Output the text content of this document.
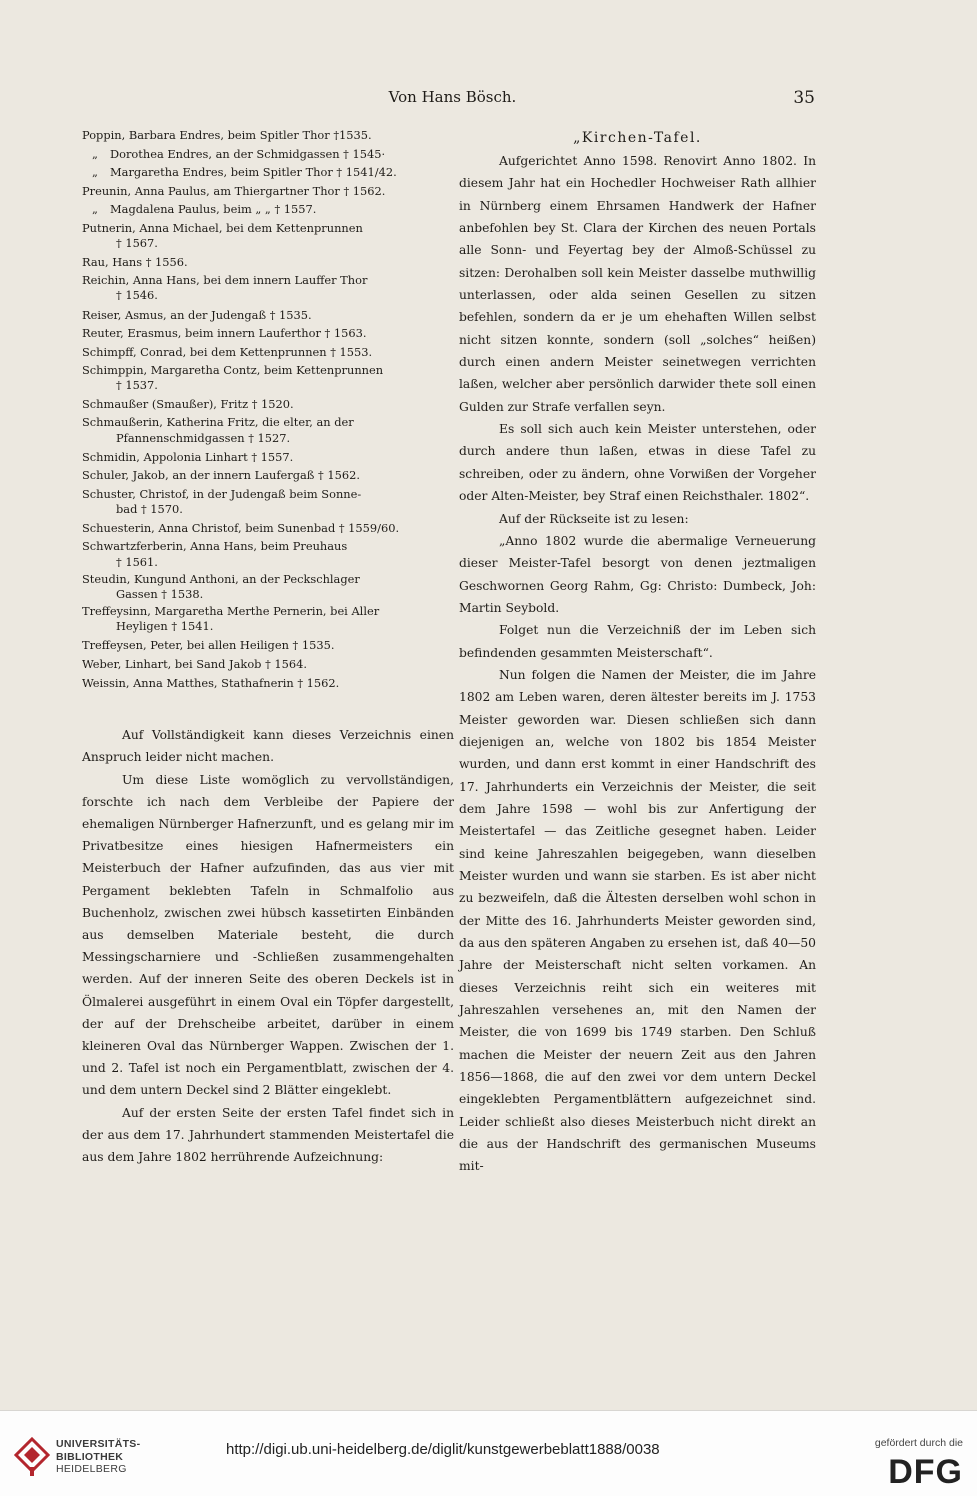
Von Hans Bösch.	35

Poppin, Barbara Endres, beim Spitler Thor †1535.

„ Dorothea Endres, an der Schmidgassen † 1545·

„ Margaretha Endres, beim Spitler Thor † 1541/42.

Preunin, Anna Paulus, am Thiergartner Thor † 1562.

„ Magdalena Paulus, beim „ „ † 1557.

Putnerin, Anna Michael, bei dem Kettenprunnen
† 1567.

Rau, Hans † 1556.

Reichin, Anna Hans, bei dem innern Lauffer Thor
† 1546.

Reiser, Asmus, an der Judengaß † 1535.

Reuter, Erasmus, beim innern Lauferthor † 1563.

Schimpff, Conrad, bei dem Kettenprunnen † 1553.

Schimppin, Margaretha Contz, beim Kettenprunnen
† 1537.

Schmaußer (Smaußer), Fritz † 1520.

Schmaußerin, Katherina Fritz, die elter, an der
Pfannenschmidgassen † 1527.

Schmidin, Appolonia Linhart † 1557.

Schuler, Jakob, an der innern Laufergaß † 1562.

Schuster, Christof, in der Judengaß beim Sonne-
bad † 1570.

Schuesterin, Anna Christof, beim Sunenbad † 1559/60.

Schwartzferberin, Anna Hans, beim Preuhaus
† 1561.

Steudin, Kungund Anthoni, an der Peckschlager
Gassen † 1538.

Treffeysinn, Margaretha Merthe Pernerin, bei Aller
Heyligen † 1541.

Treffeysen, Peter, bei allen Heiligen † 1535.

Weber, Linhart, bei Sand Jakob † 1564.

Weissin, Anna Matthes, Stathafnerin † 1562.

Auf Vollständigkeit kann dieses Verzeichnis einen Anspruch leider nicht machen.

Um diese Liste womöglich zu vervollständigen, forschte ich nach dem Verbleibe der Papiere der ehemaligen Nürnberger Hafnerzunft, und es gelang mir im Privatbesitze eines hiesigen Hafnermeisters ein Meisterbuch der Hafner aufzufinden, das aus vier mit Pergament beklebten Tafeln in Schmalfolio aus Buchenholz, zwischen zwei hübsch kassetirten Einbänden aus demselben Materiale besteht, die durch Messingscharniere und -Schließen zusammengehalten werden. Auf der inneren Seite des oberen Deckels ist in Ölmalerei ausgeführt in einem Oval ein Töpfer dargestellt, der auf der Drehscheibe arbeitet, darüber in einem kleineren Oval das Nürnberger Wappen. Zwischen der 1. und 2. Tafel ist noch ein Pergamentblatt, zwischen der 4. und dem untern Deckel sind 2 Blätter eingeklebt.

Auf der ersten Seite der ersten Tafel findet sich in der aus dem 17. Jahrhundert stammenden Meistertafel die aus dem Jahre 1802 herrührende Aufzeichnung:

„Kirchen-Tafel.

Aufgerichtet Anno 1598. Renovirt Anno 1802. In diesem Jahr hat ein Hochedler Hochweiser Rath allhier in Nürnberg einem Ehrsamen Handwerk der Hafner anbefohlen bey St. Clara der Kirchen des neuen Portals alle Sonn- und Feyertag bey der Almoß-Schüssel zu sitzen: Derohalben soll kein Meister dasselbe muthwillig unterlassen, oder alda seinen Gesellen zu sitzen befehlen, sondern da er je um ehehaften Willen selbst nicht sitzen konnte, sondern (soll „solches“ heißen) durch einen andern Meister seinetwegen verrichten laßen, welcher aber persönlich darwider thete soll einen Gulden zur Strafe verfallen seyn.

Es soll sich auch kein Meister unterstehen, oder durch andere thun laßen, etwas in diese Tafel zu schreiben, oder zu ändern, ohne Vorwißen der Vorgeher oder Alten-Meister, bey Straf einen Reichsthaler. 1802“.

Auf der Rückseite ist zu lesen:

„Anno 1802 wurde die abermalige Verneuerung dieser Meister-Tafel besorgt von denen jeztmaligen Geschwornen Georg Rahm, Gg: Christo: Dumbeck, Joh: Martin Seybold.

Folget nun die Verzeichniß der im Leben sich befindenden gesammten Meisterschaft“.

Nun folgen die Namen der Meister, die im Jahre 1802 am Leben waren, deren ältester bereits im J. 1753 Meister geworden war. Diesen schließen sich dann diejenigen an, welche von 1802 bis 1854 Meister wurden, und dann erst kommt in einer Handschrift des 17. Jahrhunderts ein Verzeichnis der Meister, die seit dem Jahre 1598 — wohl bis zur Anfertigung der Meistertafel — das Zeitliche gesegnet haben. Leider sind keine Jahreszahlen beigegeben, wann dieselben Meister wurden und wann sie starben. Es ist aber nicht zu bezweifeln, daß die Ältesten derselben wohl schon in der Mitte des 16. Jahrhunderts Meister geworden sind, da aus den späteren Angaben zu ersehen ist, daß 40—50 Jahre der Meisterschaft nicht selten vorkamen. An dieses Verzeichnis reiht sich ein weiteres mit Jahreszahlen versehenes an, mit den Namen der Meister, die von 1699 bis 1749 starben. Den Schluß machen die Meister der neuern Zeit aus den Jahren 1856—1868, die auf den zwei vor dem untern Deckel eingeklebten Pergamentblättern aufgezeichnet sind. Leider schließt also dieses Meisterbuch nicht direkt an die aus der Handschrift des germanischen Museums mit-

UNIVERSITÄTS-
BIBLIOTHEK
HEIDELBERG
http://digi.ub.uni-heidelberg.de/diglit/kunstgewerbeblatt1888/0038	gefördert durch die
DFG
